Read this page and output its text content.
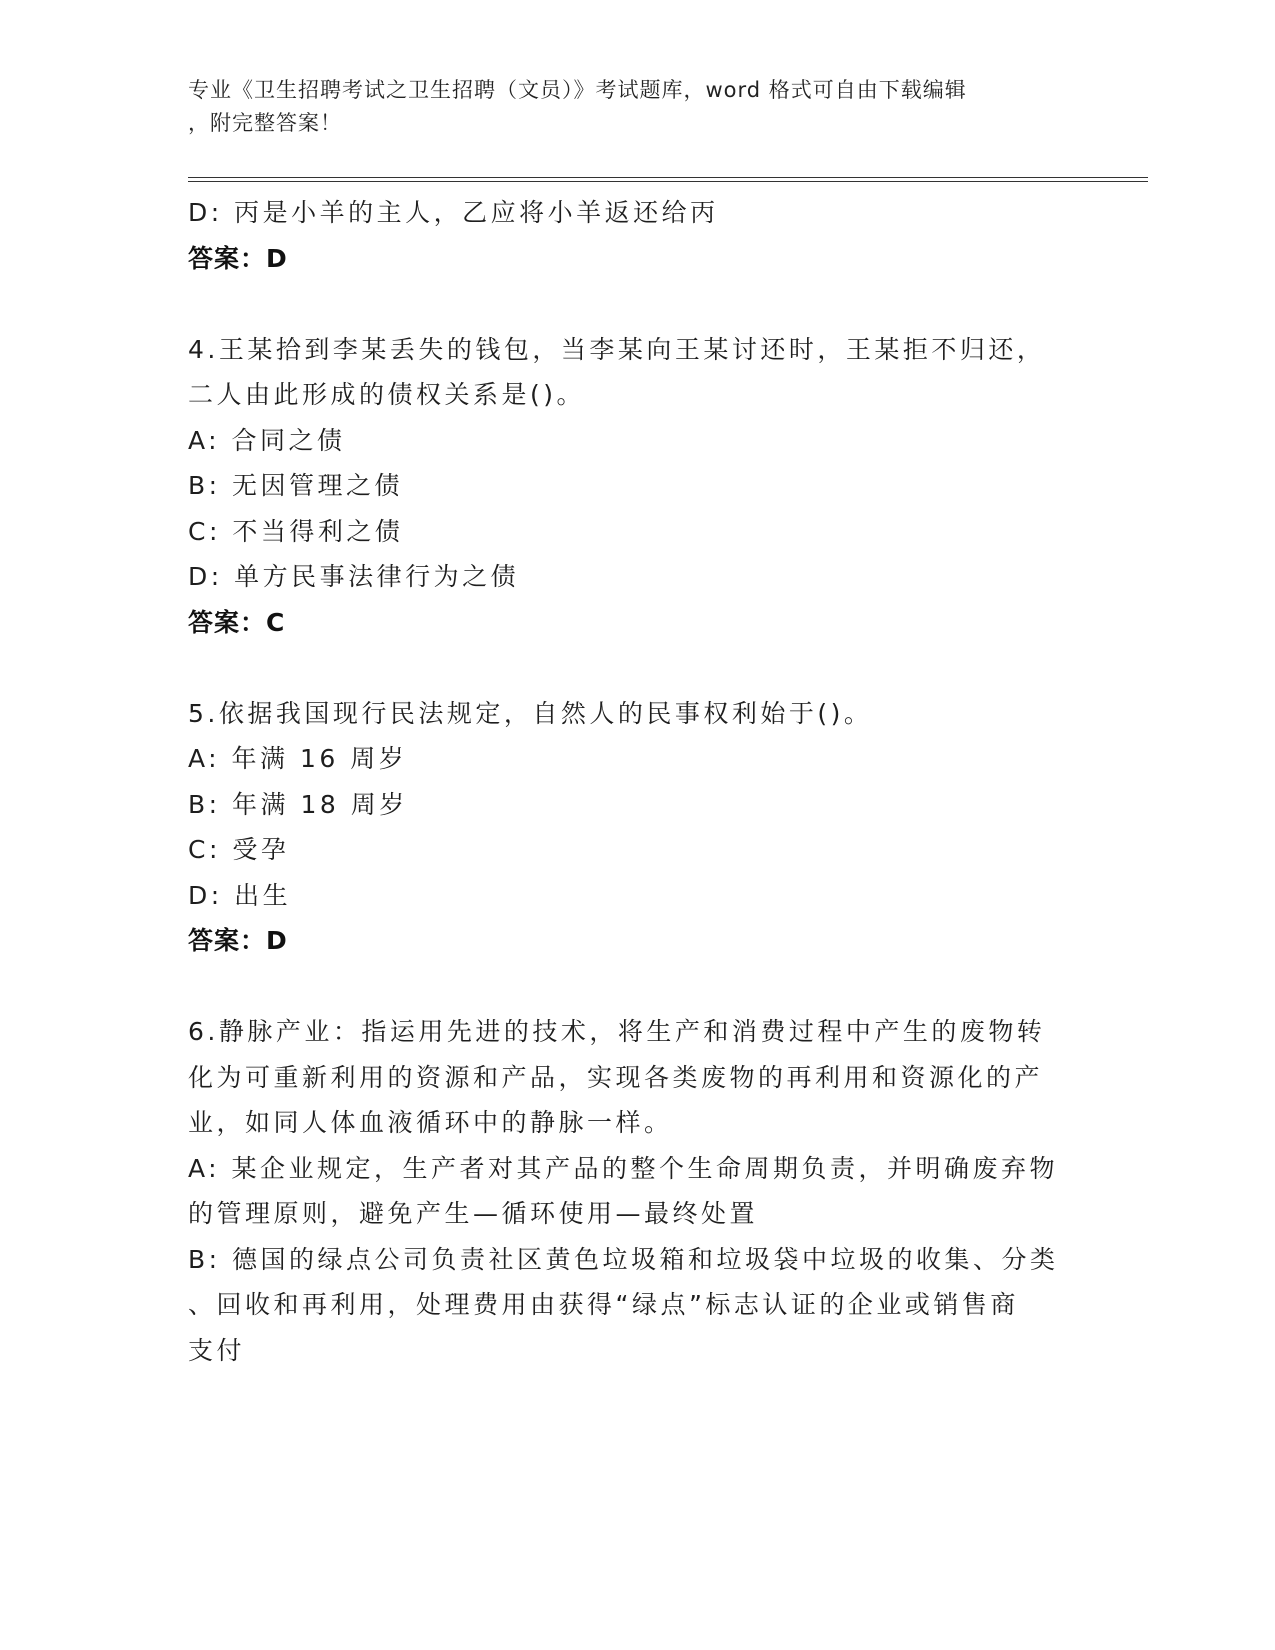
专业《卫生招聘考试之卫生招聘（文员）》考试题库，word 格式可自由下载编辑
，附完整答案！
D: 丙是小羊的主人，乙应将小羊返还给丙
答案：D
4.王某拾到李某丢失的钱包，当李某向王某讨还时，王某拒不归还，
二人由此形成的债权关系是()。
A: 合同之债
B: 无因管理之债
C: 不当得利之债
D: 单方民事法律行为之债
答案：C
5.依据我国现行民法规定，自然人的民事权利始于()。
A: 年满 16 周岁
B: 年满 18 周岁
C: 受孕
D: 出生
答案：D
6.静脉产业：指运用先进的技术，将生产和消费过程中产生的废物转
化为可重新利用的资源和产品，实现各类废物的再利用和资源化的产
业，如同人体血液循环中的静脉一样。
A: 某企业规定，生产者对其产品的整个生命周期负责，并明确废弃物
的管理原则，避免产生—循环使用—最终处置
B: 德国的绿点公司负责社区黄色垃圾箱和垃圾袋中垃圾的收集、分类
、回收和再利用，处理费用由获得“绿点”标志认证的企业或销售商
支付
